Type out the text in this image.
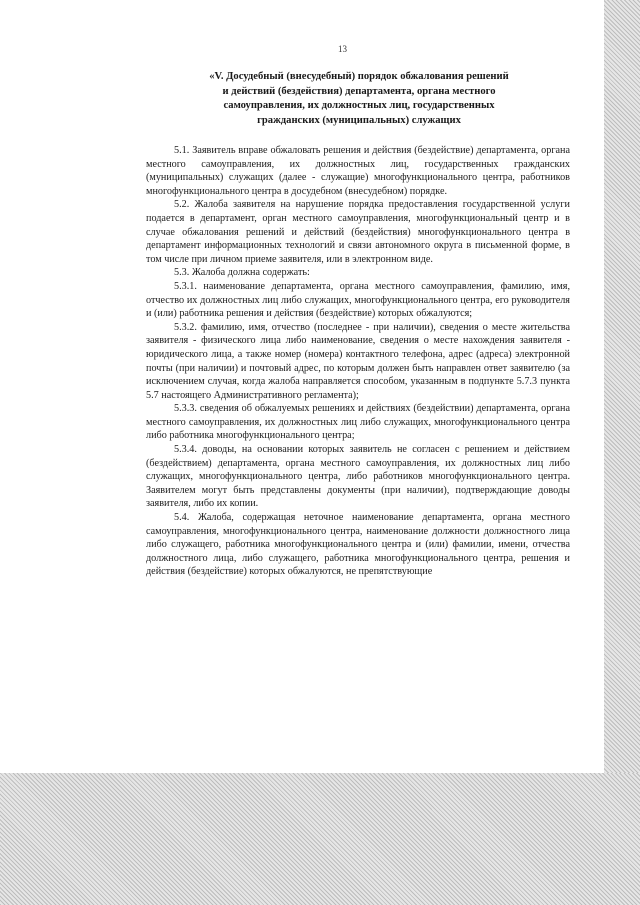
13
«V. Досудебный (внесудебный) порядок обжалования решений
и действий (бездействия) департамента, органа местного
самоуправления, их должностных лиц, государственных
гражданских (муниципальных) служащих

5.1. Заявитель вправе обжаловать решения и действия (бездействие) департамента, органа местного самоуправления, их должностных лиц, государственных гражданских (муниципальных) служащих (далее - служащие) многофункционального центра, работников многофункционального центра в досудебном (внесудебном) порядке.

5.2. Жалоба заявителя на нарушение порядка предоставления государственной услуги подается в департамент, орган местного самоуправления, многофункциональный центр и в случае обжалования решений и действий (бездействия) многофункционального центра в департамент информационных технологий и связи автономного округа в письменной форме, в том числе при личном приеме заявителя, или в электронном виде.

5.3. Жалоба должна содержать:

5.3.1. наименование департамента, органа местного самоуправления, фамилию, имя, отчество их должностных лиц либо служащих, многофункционального центра, его руководителя и (или) работника решения и действия (бездействие) которых обжалуются;

5.3.2. фамилию, имя, отчество (последнее - при наличии), сведения о месте жительства заявителя - физического лица либо наименование, сведения о месте нахождения заявителя - юридического лица, а также номер (номера) контактного телефона, адрес (адреса) электронной почты (при наличии) и почтовый адрес, по которым должен быть направлен ответ заявителю (за исключением случая, когда жалоба направляется способом, указанным в подпункте 5.7.3 пункта 5.7 настоящего Административного регламента);

5.3.3. сведения об обжалуемых решениях и действиях (бездействии) департамента, органа местного самоуправления, их должностных лиц либо служащих, многофункционального центра либо работника многофункционального центра;

5.3.4. доводы, на основании которых заявитель не согласен с решением и действием (бездействием) департамента, органа местного самоуправления, их должностных лиц либо служащих, многофункционального центра, либо работников многофункционального центра. Заявителем могут быть представлены документы (при наличии), подтверждающие доводы заявителя, либо их копии.

5.4. Жалоба, содержащая неточное наименование департамента, органа местного самоуправления, многофункционального центра, наименование должности должностного лица либо служащего, работника многофункционального центра и (или) фамилии, имени, отчества должностного лица, либо служащего, работника многофункционального центра, решения и действия (бездействие) которых обжалуются, не препятствующие
